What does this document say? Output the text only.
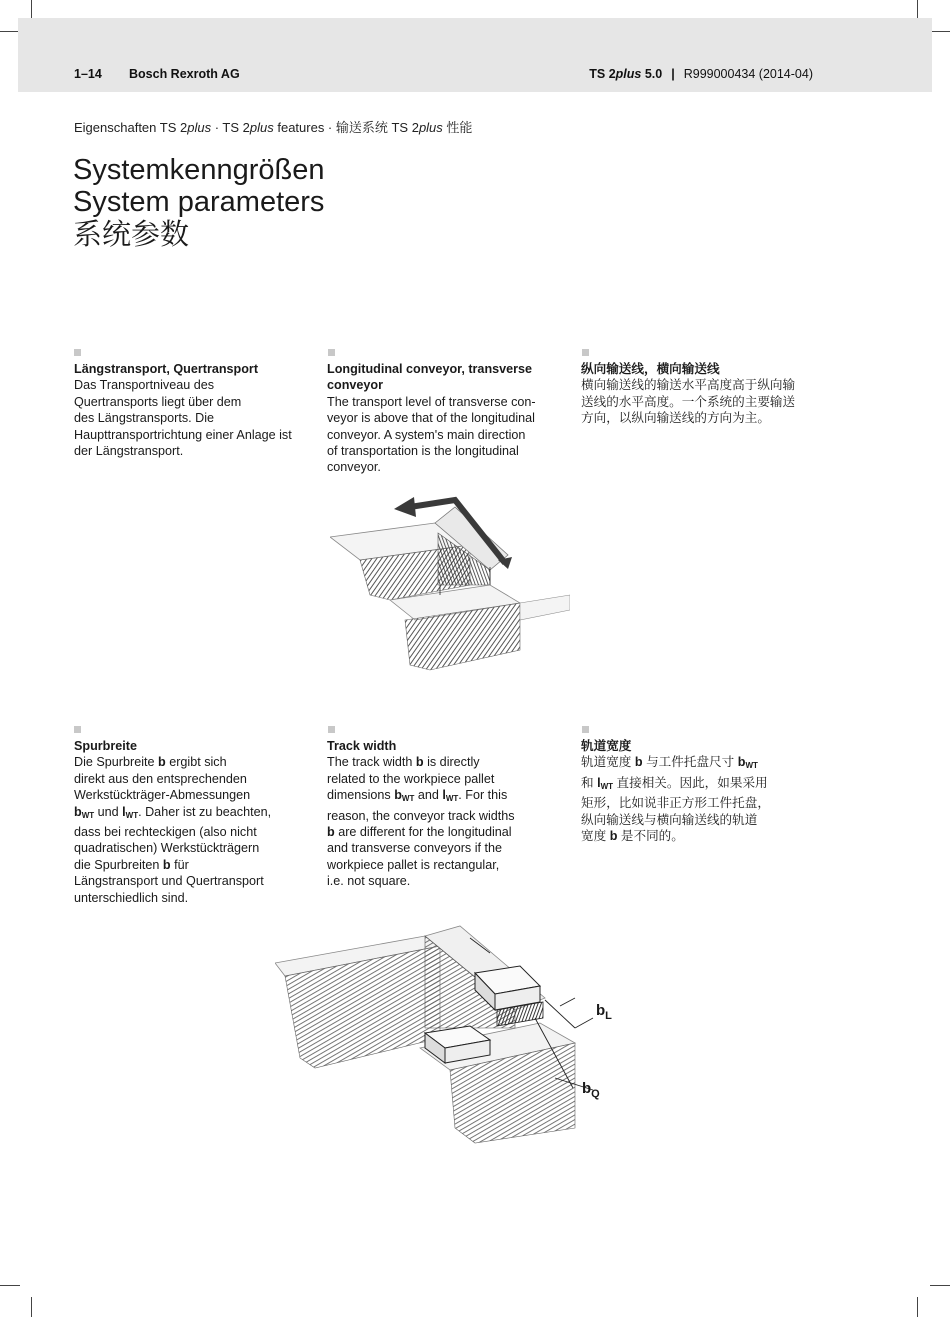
1–14 Bosch Rexroth AG	TS 2plus 5.0 | R999000434 (2014-04)
Eigenschaften TS 2plus · TS 2plus features · 输送系统 TS 2plus 性能
Systemkenngrößen
System parameters
系统参数

Längstransport, Quertransport

Das Transportniveau des

Quertransports liegt über dem

des Längstransports. Die

Haupttransportrichtung einer Anlage ist

der Längstransport.

Longitudinal conveyor, transverse

conveyor

The transport level of transverse con-

veyor is above that of the longitudinal

conveyor. A system's main direction

of transportation is the longitudinal

conveyor.

纵向输送线，横向输送线

横向输送线的输送水平高度高于纵向输

送线的水平高度。一个系统的主要输送

方向，以纵向输送线的方向为主。

Spurbreite

Die Spurbreite b ergibt sich

direkt aus den entsprechenden

Werkstückträger-Abmessungen

$b_{WT}$ und $l_{WT}$. Daher ist zu beachten,

dass bei rechteckigen (also nicht

quadratischen) Werkstückträgern

die Spurbreiten b für

Längstransport und Quertransport

unterschiedlich sind.

Track width

The track width b is directly

related to the workpiece pallet

dimensions $b_{WT}$ and $l_{WT}$. For this

reason, the conveyor track widths

b are different for the longitudinal

and transverse conveyors if the

workpiece pallet is rectangular,

i.e. not square.

轨道宽度

轨道宽度 b 与工件托盘尺寸 $b_{WT}$

和 $l_{WT}$ 直接相关。因此，如果采用

矩形，比如说非正方形工件托盘，

纵向输送线与横向输送线的轨道

宽度 b 是不同的。

$b_L$
$b_Q$
